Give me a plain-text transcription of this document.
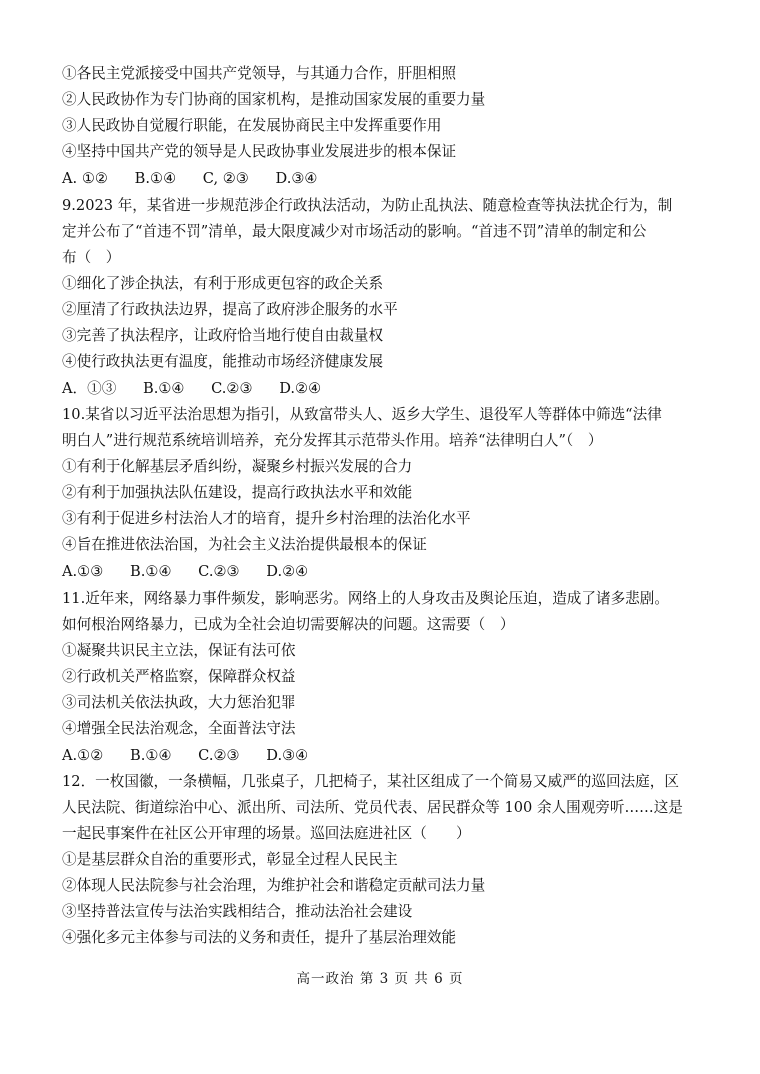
①各民主党派接受中国共产党领导，与其通力合作，肝胆相照
②人民政协作为专门协商的国家机构，是推动国家发展的重要力量
③人民政协自觉履行职能，在发展协商民主中发挥重要作用
④坚持中国共产党的领导是人民政协事业发展进步的根本保证
A. ①② B.①④ C, ②③ D.③④
9.2023 年，某省进一步规范涉企行政执法活动，为防止乱执法、随意检查等执法扰企行为，制
定并公布了“首违不罚”清单，最大限度减少对市场活动的影响。“首违不罚”清单的制定和公
布（　）
①细化了涉企执法，有利于形成更包容的政企关系
②厘清了行政执法边界，提高了政府涉企服务的水平
③完善了执法程序，让政府恰当地行使自由裁量权
④使行政执法更有温度，能推动市场经济健康发展
A．①③ B.①④ C.②③ D.②④
10.某省以习近平法治思想为指引，从致富带头人、返乡大学生、退役军人等群体中筛选“法律
明白人”进行规范系统培训培养，充分发挥其示范带头作用。培养“法律明白人”（　）
①有利于化解基层矛盾纠纷，凝聚乡村振兴发展的合力
②有利于加强执法队伍建设，提高行政执法水平和效能
③有利于促进乡村法治人才的培育，提升乡村治理的法治化水平
④旨在推进依法治国，为社会主义法治提供最根本的保证
A.①③ B.①④ C.②③ D.②④
11.近年来，网络暴力事件频发，影响恶劣。网络上的人身攻击及舆论压迫，造成了诸多悲剧。
如何根治网络暴力，已成为全社会迫切需要解决的问题。这需要（　）
①凝聚共识民主立法，保证有法可依
②行政机关严格监察，保障群众权益
③司法机关依法执政，大力惩治犯罪
④增强全民法治观念，全面普法守法
A.①② B.①④ C.②③ D.③④
12．一枚国徽，一条横幅，几张桌子，几把椅子，某社区组成了一个简易又威严的巡回法庭，区
人民法院、街道综治中心、派出所、司法所、党员代表、居民群众等 100 余人围观旁听……这是
一起民事案件在社区公开审理的场景。巡回法庭进社区（　　）
①是基层群众自治的重要形式，彰显全过程人民民主
②体现人民法院参与社会治理，为维护社会和谐稳定贡献司法力量
③坚持普法宣传与法治实践相结合，推动法治社会建设
④强化多元主体参与司法的义务和责任，提升了基层治理效能
高一政治 第 3 页 共 6 页
